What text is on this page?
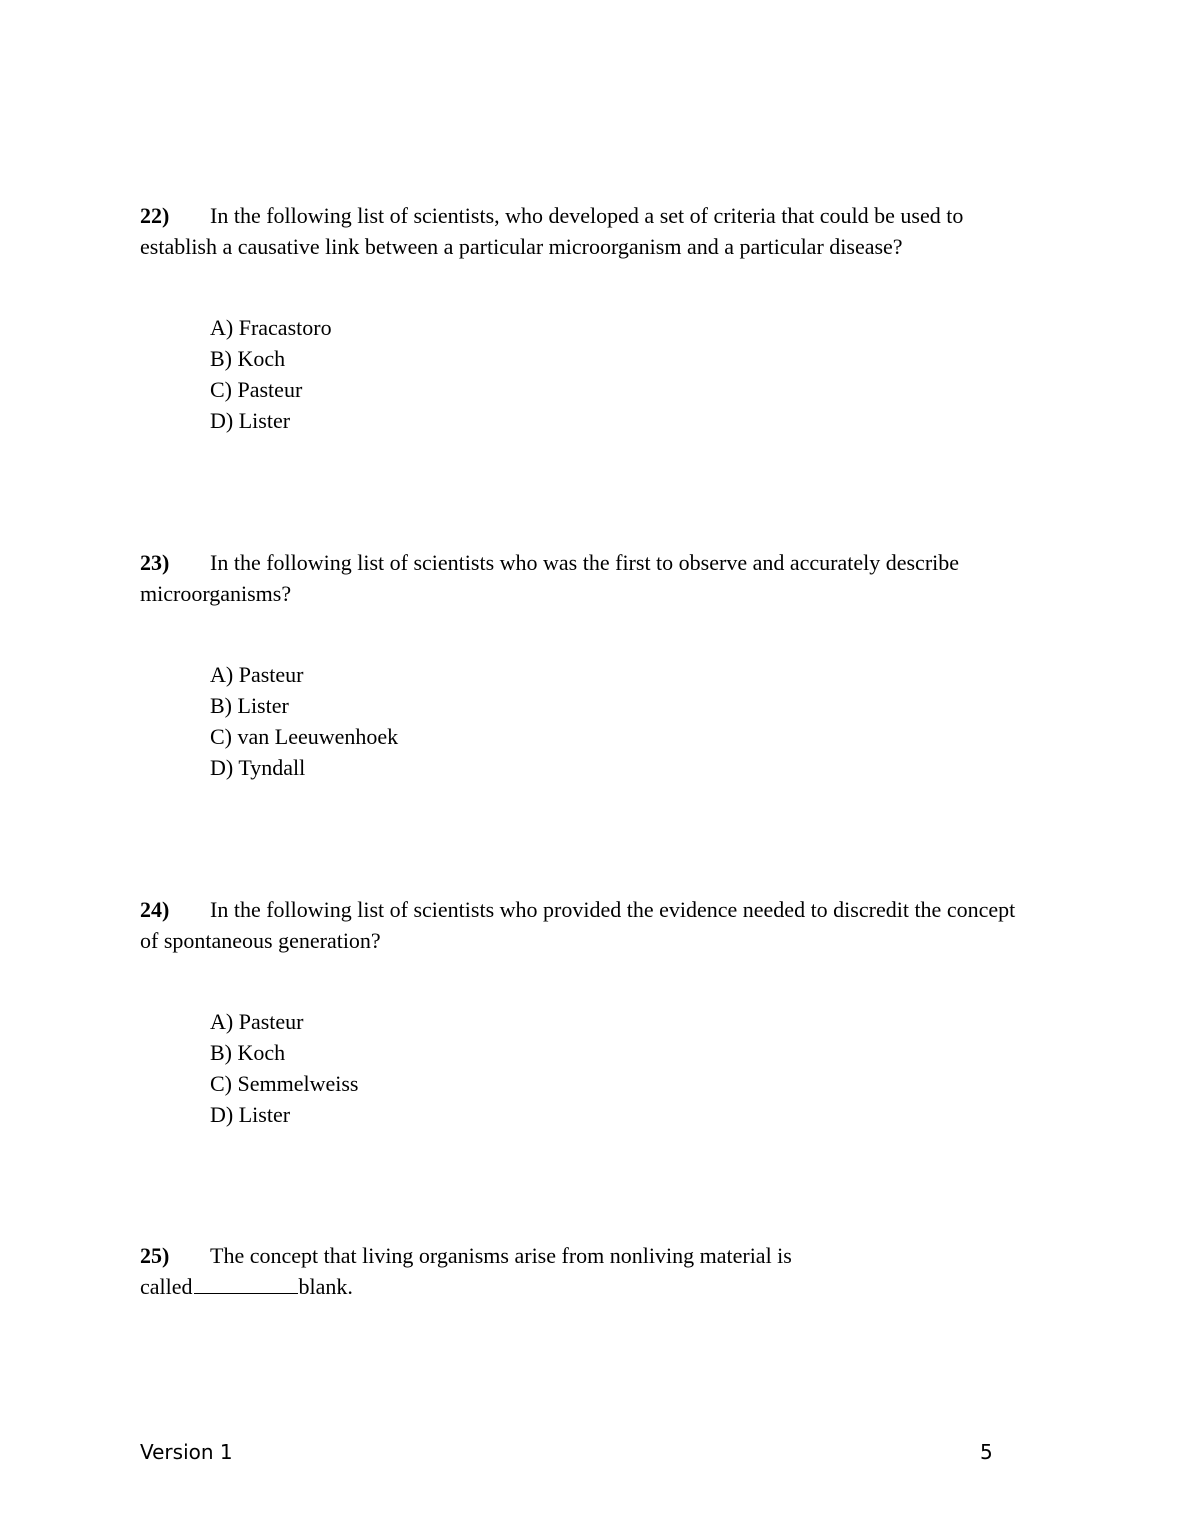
22) In the following list of scientists, who developed a set of criteria that could be used to establish a causative link between a particular microorganism and a particular disease?
A) Fracastoro
B) Koch
C) Pasteur
D) Lister
23) In the following list of scientists who was the first to observe and accurately describe microorganisms?
A) Pasteur
B) Lister
C) van Leeuwenhoek
D) Tyndall
24) In the following list of scientists who provided the evidence needed to discredit the concept of spontaneous generation?
A) Pasteur
B) Koch
C) Semmelweiss
D) Lister
25) The concept that living organisms arise from nonliving material is
called	blank.
Version 1	5
